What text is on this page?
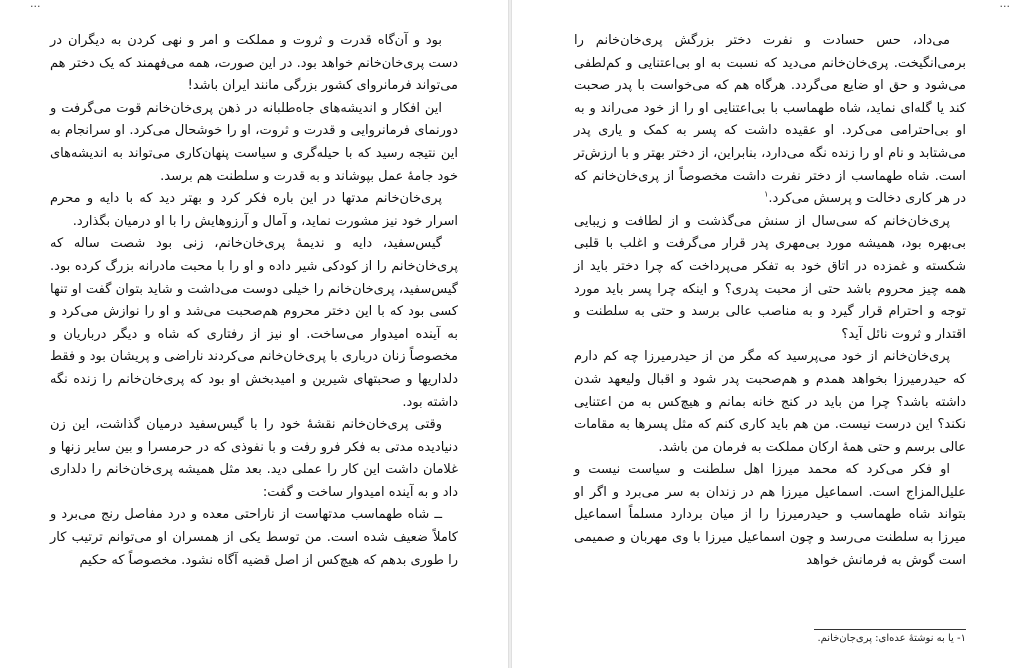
...

بود و آن‌گاه قدرت و ثروت و مملکت و امر و نهی کردن به دیگران در دست پری‌خان‌خانم خواهد بود. در این صورت، همه می‌فهمند که یک دختر هم می‌تواند فرمانروای کشور بزرگی مانند ایران باشد!

این افکار و اندیشه‌های جاه‌طلبانه در ذهن پری‌خان‌خانم قوت می‌گرفت و دورنمای فرمانروایی و قدرت و ثروت، او را خوشحال می‌کرد. او سرانجام به این نتیجه رسید که با حیله‌گری و سیاست پنهان‌کاری می‌تواند به اندیشه‌های خود جامهٔ عمل بپوشاند و به قدرت و سلطنت هم برسد.

پری‌خان‌خانم مدتها در این باره فکر کرد و بهتر دید که با دایه و محرم اسرار خود نیز مشورت نماید، و آمال و آرزوهایش را با او درمیان بگذارد.

گیس‌سفید، دایه و ندیمهٔ پری‌خان‌خانم، زنی بود شصت ساله که پری‌خان‌خانم را از کودکی شیر داده و او را با محبت مادرانه بزرگ کرده بود. گیس‌سفید، پری‌خان‌خانم را خیلی دوست می‌داشت و شاید بتوان گفت او تنها کسی بود که با این دختر محروم هم‌صحبت می‌شد و او را نوازش می‌کرد و به آینده امیدوار می‌ساخت. او نیز از رفتاری که شاه و دیگر درباریان و مخصوصاً زنان درباری با پری‌خان‌خانم می‌کردند ناراضی و پریشان بود و فقط دلداریها و صحبتهای شیرین و امیدبخش او بود که پری‌خان‌خانم را زنده نگه داشته بود.

وقتی پری‌خان‌خانم نقشهٔ خود را با گیس‌سفید درمیان گذاشت، این زن دنیادیده مدتی به فکر فرو رفت و با نفوذی که در حرمسرا و بین سایر زنها و غلامان داشت این کار را عملی دید. بعد مثل همیشه پری‌خان‌خانم را دلداری داد و به آینده امیدوار ساخت و گفت:

ــ شاه طهماسب مدتهاست از ناراحتی معده و درد مفاصل رنج می‌برد و کاملاً ضعیف شده است. من توسط یکی از همسران او می‌توانم ترتیب کار را طوری بدهم که هیچ‌کس از اصل قضیه آگاه نشود. مخصوصاً که حکیم

...

می‌داد، حس حسادت و نفرت دختر بزرگش پری‌خان‌خانم را برمی‌انگیخت. پری‌خان‌خانم می‌دید که نسبت به او بی‌اعتنایی و کم‌لطفی می‌شود و حق او ضایع می‌گردد. هرگاه هم که می‌خواست با پدر صحبت کند یا گله‌ای نماید، شاه طهماسب با بی‌اعتنایی او را از خود می‌راند و به او بی‌احترامی می‌کرد. او عقیده داشت که پسر به کمک و یاری پدر می‌شتابد و نام او را زنده نگه می‌دارد، بنابراین، از دختر بهتر و با ارزش‌تر است. شاه طهماسب از دختر نفرت داشت مخصوصاً از پری‌خان‌خانم که در هر کاری دخالت و پرسش می‌کرد.$^۱$

پری‌خان‌خانم که سی‌سال از سنش می‌گذشت و از لطافت و زیبایی بی‌بهره بود، همیشه مورد بی‌مهری پدر قرار می‌گرفت و اغلب با قلبی شکسته و غمزده در اتاق خود به تفکر می‌پرداخت که چرا دختر باید از همه چیز محروم باشد حتی از محبت پدری؟ و اینکه چرا پسر باید مورد توجه و احترام قرار گیرد و به مناصب عالی برسد و حتی به سلطنت و اقتدار و ثروت نائل آید؟

پری‌خان‌خانم از خود می‌پرسید که مگر من از حیدرمیرزا چه کم دارم که حیدرمیرزا بخواهد همدم و هم‌صحبت پدر شود و اقبال ولیعهد شدن داشته باشد؟ چرا من باید در کنج خانه بمانم و هیچ‌کس به من اعتنایی نکند؟ این درست نیست. من هم باید کاری کنم که مثل پسرها به مقامات عالی برسم و حتی همهٔ ارکان مملکت به فرمان من باشد.

او فکر می‌کرد که محمد میرزا اهل سلطنت و سیاست نیست و علیل‌المزاج است. اسماعیل میرزا هم در زندان به سر می‌برد و اگر او بتواند شاه طهماسب و حیدرمیرزا را از میان بردارد مسلماً اسماعیل میرزا به سلطنت می‌رسد و چون اسماعیل میرزا با وی مهربان و صمیمی است گوش به فرمانش خواهد

۱- یا به نوشتهٔ عده‌ای: پری‌جان‌خانم.
